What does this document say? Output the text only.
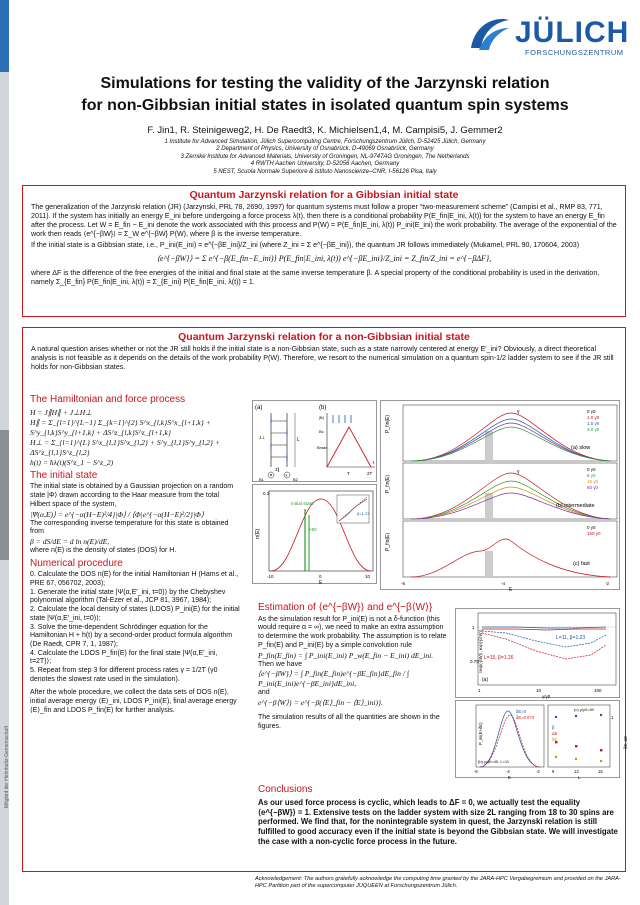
Mitglied der Helmholtz-Gemeinschaft
JÜLICH
FORSCHUNGSZENTRUM
Simulations for testing the validity of the Jarzynski relation
for non-Gibbsian initial states in isolated quantum spin systems
F. Jin1, R. Steinigeweg2, H. De Raedt3, K. Michielsen1,4, M. Campisi5, J. Gemmer2
1 Institute for Advanced Simulation, Jülich Supercomputing Centre, Forschungszentrum Jülich, D-52425 Jülich, Germany
2 Department of Physics, University of Osnabrück, D-49069 Osnabrück, Germany
3 Zernike Institute for Advanced Materials, University of Groningen, NL-9747AG Groningen, The Netherlands
4 RWTH Aachen University, D-52056 Aachen, Germany
5 NEST, Scuola Normale Superiore & Istituto Nanoscienze–CNR, I-56126 Pisa, Italy
Quantum Jarzynski relation for a Gibbsian initial state
The generalization of the Jarzynski relation (JR) (Jarzynski, PRL 78, 2690, 1997) for quantum systems must follow a proper “two-measurement scheme” (Campisi et al., RMP 83, 771, 2011). If the system has initially an energy E_ini before undergoing a force process λ(t), then there is a conditional probability P(E_fin|E_ini, λ(t)) for the system to have an energy E_fin after the process. Let W = E_fin − E_ini denote the work associated with this process and P(W) = P(E_fin|E_ini, λ(t)) P_ini(E_ini) the work probability. The average of the exponential of the work then reads ⟨e^{−βW}⟩ = Σ_W e^{−βW} P(W), where β is the inverse temperature.
If the initial state is a Gibbsian state, i.e., P_ini(E_ini) = e^{−βE_ini}/Z_ini (where Z_ini = Σ e^{−βE_ini}), the quantum JR follows immediately (Mukamel, PRL 90, 170604, 2003)
⟨e^{−βW}⟩ = Σ e^{−β(E_fin−E_ini)} P(E_fin|E_ini, λ(t)) e^{−βE_ini}/Z_ini = Z_fin/Z_ini = e^{−βΔF},
where ΔF is the difference of the free energies of the initial and final state at the same inverse temperature β. A special property of the conditional probability is used in the derivation, namely Σ_{E_fin} P(E_fin|E_ini, λ(t)) = Σ_{E_ini} P(E_fin|E_ini, λ(t)) = 1.
Quantum Jarzynski relation for a non-Gibbsian initial state
A natural question arises whether or not the JR still holds if the initial state is a non-Gibbsian state, such as a state narrowly centered at energy E′_ini? Obviously, a direct theoretical analysis is not feasible as it depends on the details of the work probability P(W). Therefore, we resort to the numerical simulation on a quantum spin-1/2 ladder system to see if the JR still holds for non-Gibbsian states.
The Hamiltonian and force process
H = J∥H∥ + J⊥H⊥
H∥ = Σ_{l=1}^{L−1} Σ_{k=1}^{2} S^x_{l,k}S^x_{l+1,k} + S^y_{l,k}S^y_{l+1,k} + ΔS^z_{l,k}S^z_{l+1,k}
H⊥ = Σ_{l=1}^{L} S^x_{l,1}S^x_{l,2} + S^y_{l,1}S^y_{l,2} + ΔS^z_{l,1}S^z_{l,2}
h(t) = ħλ(t)(S^z_1 − S^z_2)
The initial state
The initial state is obtained by a Gaussian projection on a random state |Φ⟩ drawn according to the Haar measure from the total Hilbert space of the system,
|Ψ(α,E)⟩ = e^{−α(H−E)²/4}|Φ⟩ / ⟨Φ|e^{−α(H−E)²/2}|Φ⟩
The corresponding inverse temperature for this state is obtained from
β = dS/dE = d ln n(E)/dE,
where n(E) is the density of states (DOS) for H.
Numerical procedure
0. Calculate the DOS n(E) for the initial Hamiltonian H (Hams et al., PRE 67, 056702, 2003);
1. Generate the initial state |Ψ(α,E′_ini, t=0)⟩ by the Chebyshev polynomial algorithm (Tal-Ezer et al., JCP 81, 3967, 1984);
2. Calculate the local density of states (LDOS) P_ini(E) for the initial state |Ψ(α,E′_ini, t=0)⟩;
3. Solve the time-dependent Schrödinger equation for the Hamiltonian H + h(t) by a second-order product formula algorithm (De Raedt, CPR 7, 1, 1987);
4. Calculate the LDOS P_fin(E) for the final state |Ψ(α,E′_ini, t=2T)⟩;
5. Repeat from step 3 for different process rates γ = 1/2T (γ0 denotes the slowest rate used in the simulation).
After the whole procedure, we collect the data sets of DOS n(E), initial average energy ⟨E⟩_ini, LDOS P_ini(E), final average energy ⟨E⟩_fin and LDOS P_fin(E) for further analysis.
(a)	(b)
L
J⊥
J∥
×
B1	B2
|B|
Bc
Bmax
T	2T
t
n(E)
initial state
×50
β=1.23
0.3
-10	0	10
E
P_fin(E)
P_fin(E)
P_fin(E)
γ
γ
(a) slow
(b) intermediate
(c) fast
0 γ0
1.0 γ0
1.5 γ0
3.0 γ0
0 γ0
6 γ0
15 γ0
60 γ0
0 γ0
150 γ0
-6	-4	-2
E
Estimation of ⟨e^{−βW}⟩ and e^{−β⟨W⟩}
As the simulation result for P_ini(E) is not a δ-function (this would require α = ∞), we need to make an extra assumption to determine the work probability. The assumption is to relate P_fin(E) and P_ini(E) by a simple convolution rule
P_fin(E_fin) = ∫ P_ini(E_ini) P_w(E_fin − E_ini) dE_ini.
Then we have
⟨e^{−βW}⟩ = ∫ P_fin(E_fin)e^{−βE_fin}dE_fin / ∫ P_ini(E_ini)e^{−βE_ini}dE_ini,
and
e^{−β⟨W⟩} = e^{−β(⟨E⟩_fin − ⟨E⟩_ini)}.
The simulation results of all the quantities are shown in the figures.
⟨exp(-βW)⟩, exp(-β⟨W⟩)	L=11, β=1.23
L=15, β=1.26
(a)
0.75
1
1	10	100
γ/γ0
P_ini(E+δE)
δE=0
δE=0.073
(b) γ/γ0=40, L=11
-6	-4	-2
E
β
ΔE
δE
(c) γ/γ0=40
1
δE, ΔE
9	12	15
L
Conclusions
As our used force process is cyclic, which leads to ΔF = 0, we actually test the equality ⟨e^{−βW}⟩ = 1. Extensive tests on the ladder system with size 2L ranging from 18 to 30 spins are performed. We find that, for the nonintegrable system in quest, the Jarzynski relation is still fulfilled to good accuracy even if the initial state is beyond the Gibbsian state. We will investigate the case with a non-cyclic force process in the future.
Acknowledgement: The authors gratefully acknowledge the computing time granted by the JARA-HPC Vergabegremium and provided on the JARA-HPC Partition part of the supercomputer JUQUEEN at Forschungszentrum Jülich.
